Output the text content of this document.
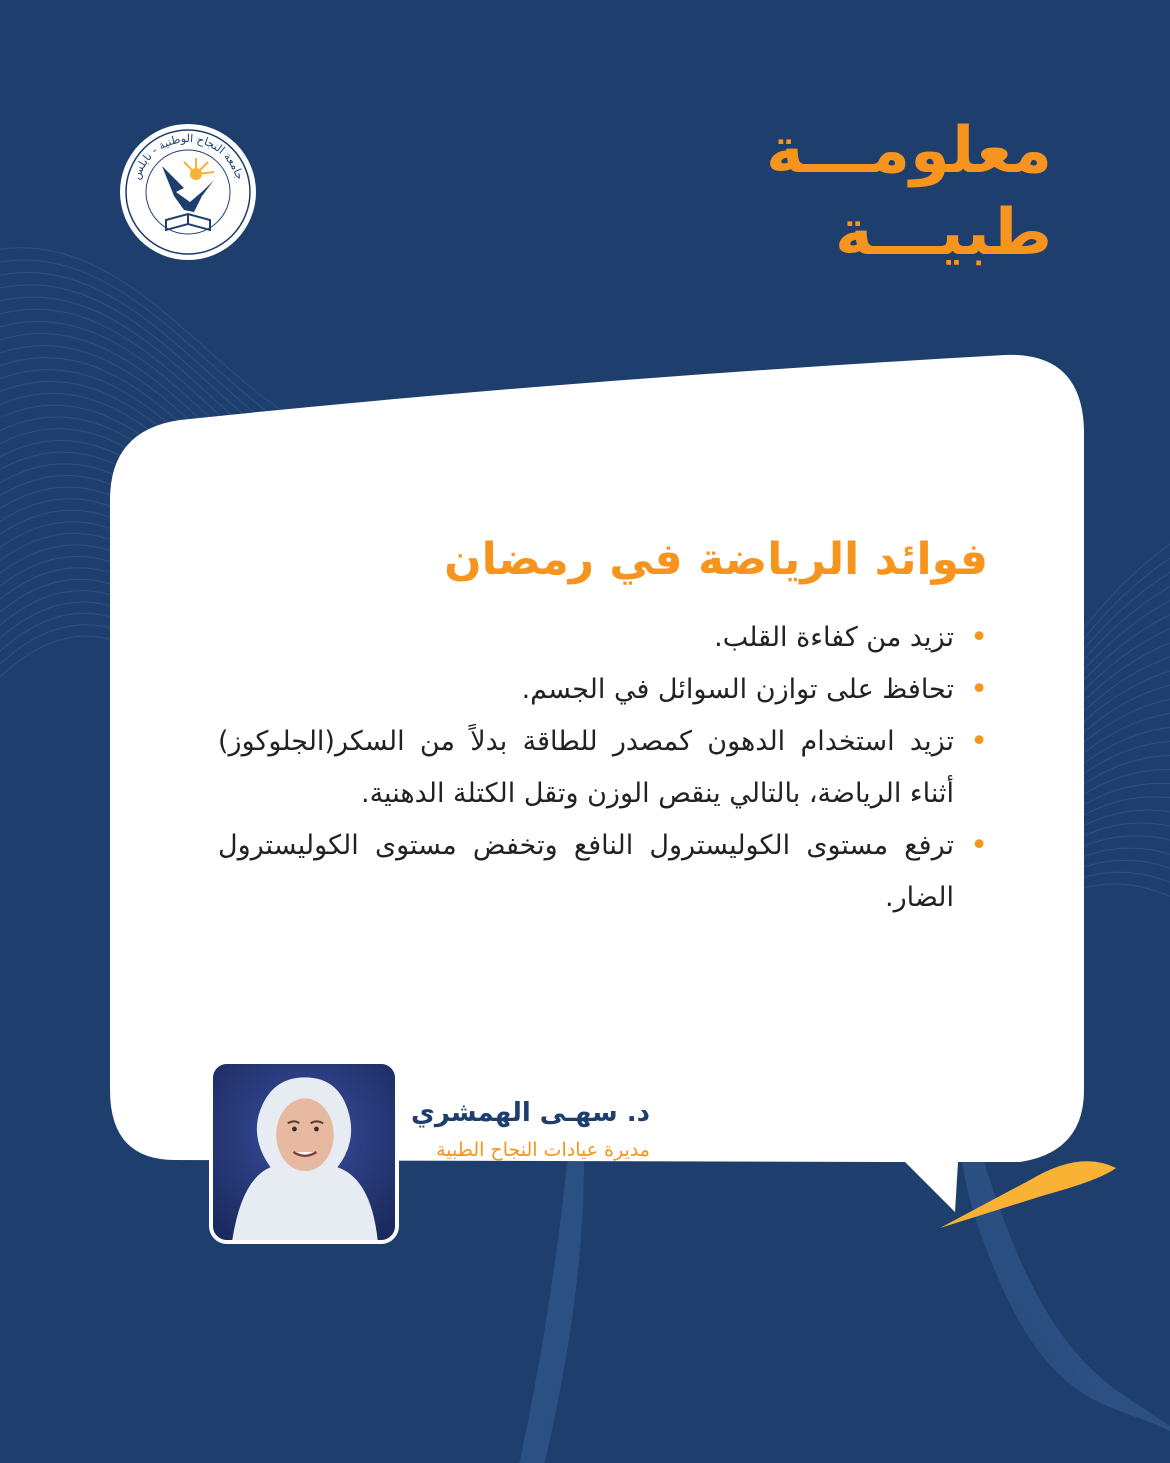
معلومـــة
طبيـــة
جامعة النجاح الوطنية - نابلس
فوائد الرياضة في رمضان
•
تزيد من كفاءة القلب.
•
تحافظ على توازن السوائل في الجسم.
•
تزيد استخدام الدهون كمصدر للطاقة بدلاً من السكر(الجلوكوز) أثناء الرياضة، بالتالي ينقص الوزن وتقل الكتلة الدهنية.
•
ترفع مستوى الكوليسترول النافع وتخفض مستوى الكوليسترول الضار.
د. سهـى الهمشري
مديرة عيادات النجاح الطبية
